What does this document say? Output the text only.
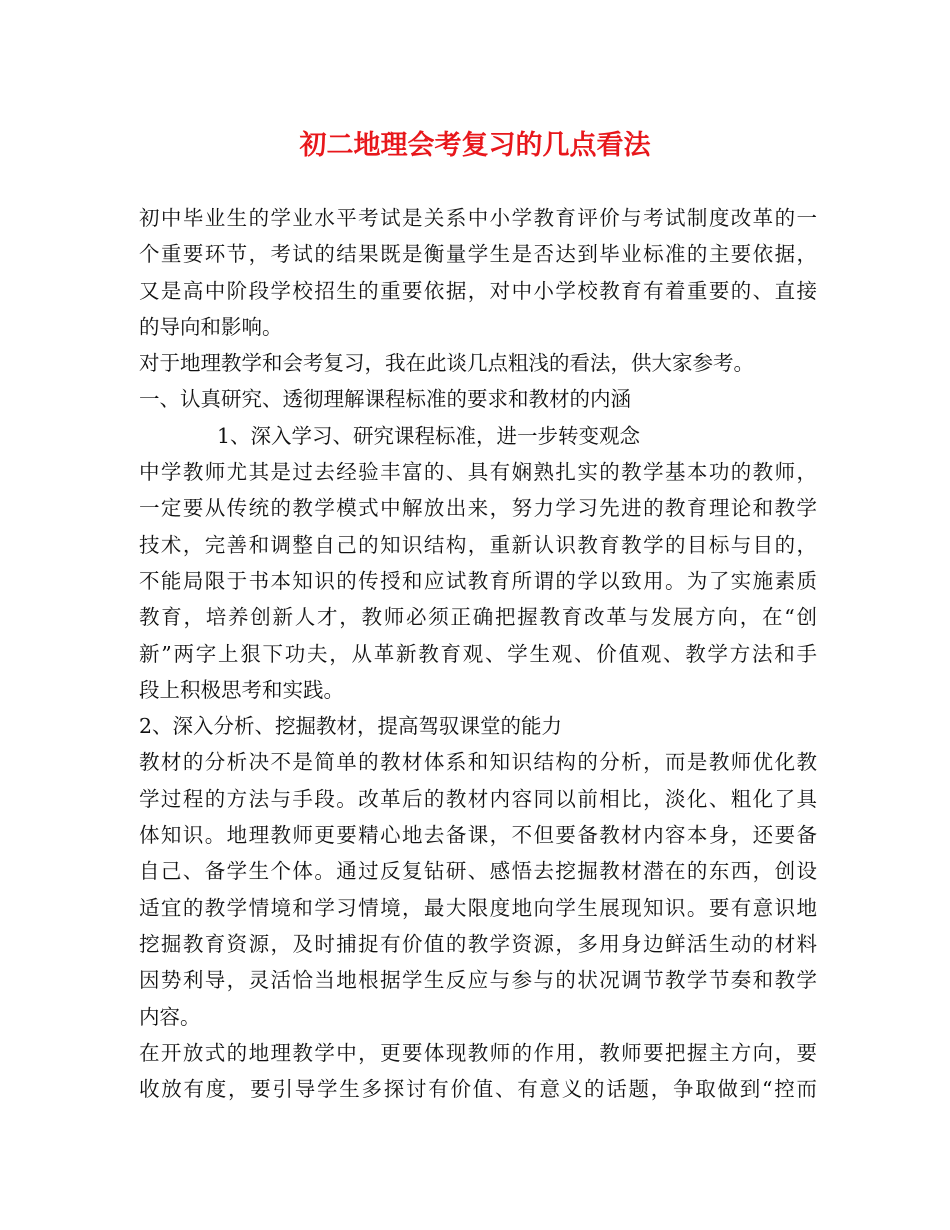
初二地理会考复习的几点看法
初中毕业生的学业水平考试是关系中小学教育评价与考试制度改革的一
个重要环节，考试的结果既是衡量学生是否达到毕业标准的主要依据，
又是高中阶段学校招生的重要依据，对中小学校教育有着重要的、直接
的导向和影响。
对于地理教学和会考复习，我在此谈几点粗浅的看法，供大家参考。
一、认真研究、透彻理解课程标准的要求和教材的内涵
1、深入学习、研究课程标准，进一步转变观念
中学教师尤其是过去经验丰富的、具有娴熟扎实的教学基本功的教师，
一定要从传统的教学模式中解放出来，努力学习先进的教育理论和教学
技术，完善和调整自己的知识结构，重新认识教育教学的目标与目的，
不能局限于书本知识的传授和应试教育所谓的学以致用。为了实施素质
教育，培养创新人才，教师必须正确把握教育改革与发展方向，在“创
新”两字上狠下功夫，从革新教育观、学生观、价值观、教学方法和手
段上积极思考和实践。
2、深入分析、挖掘教材，提高驾驭课堂的能力
教材的分析决不是简单的教材体系和知识结构的分析，而是教师优化教
学过程的方法与手段。改革后的教材内容同以前相比，淡化、粗化了具
体知识。地理教师更要精心地去备课，不但要备教材内容本身，还要备
自己、备学生个体。通过反复钻研、感悟去挖掘教材潜在的东西，创设
适宜的教学情境和学习情境，最大限度地向学生展现知识。要有意识地
挖掘教育资源，及时捕捉有价值的教学资源，多用身边鲜活生动的材料
因势利导，灵活恰当地根据学生反应与参与的状况调节教学节奏和教学
内容。
在开放式的地理教学中，更要体现教师的作用，教师要把握主方向，要
收放有度，要引导学生多探讨有价值、有意义的话题，争取做到“控而
